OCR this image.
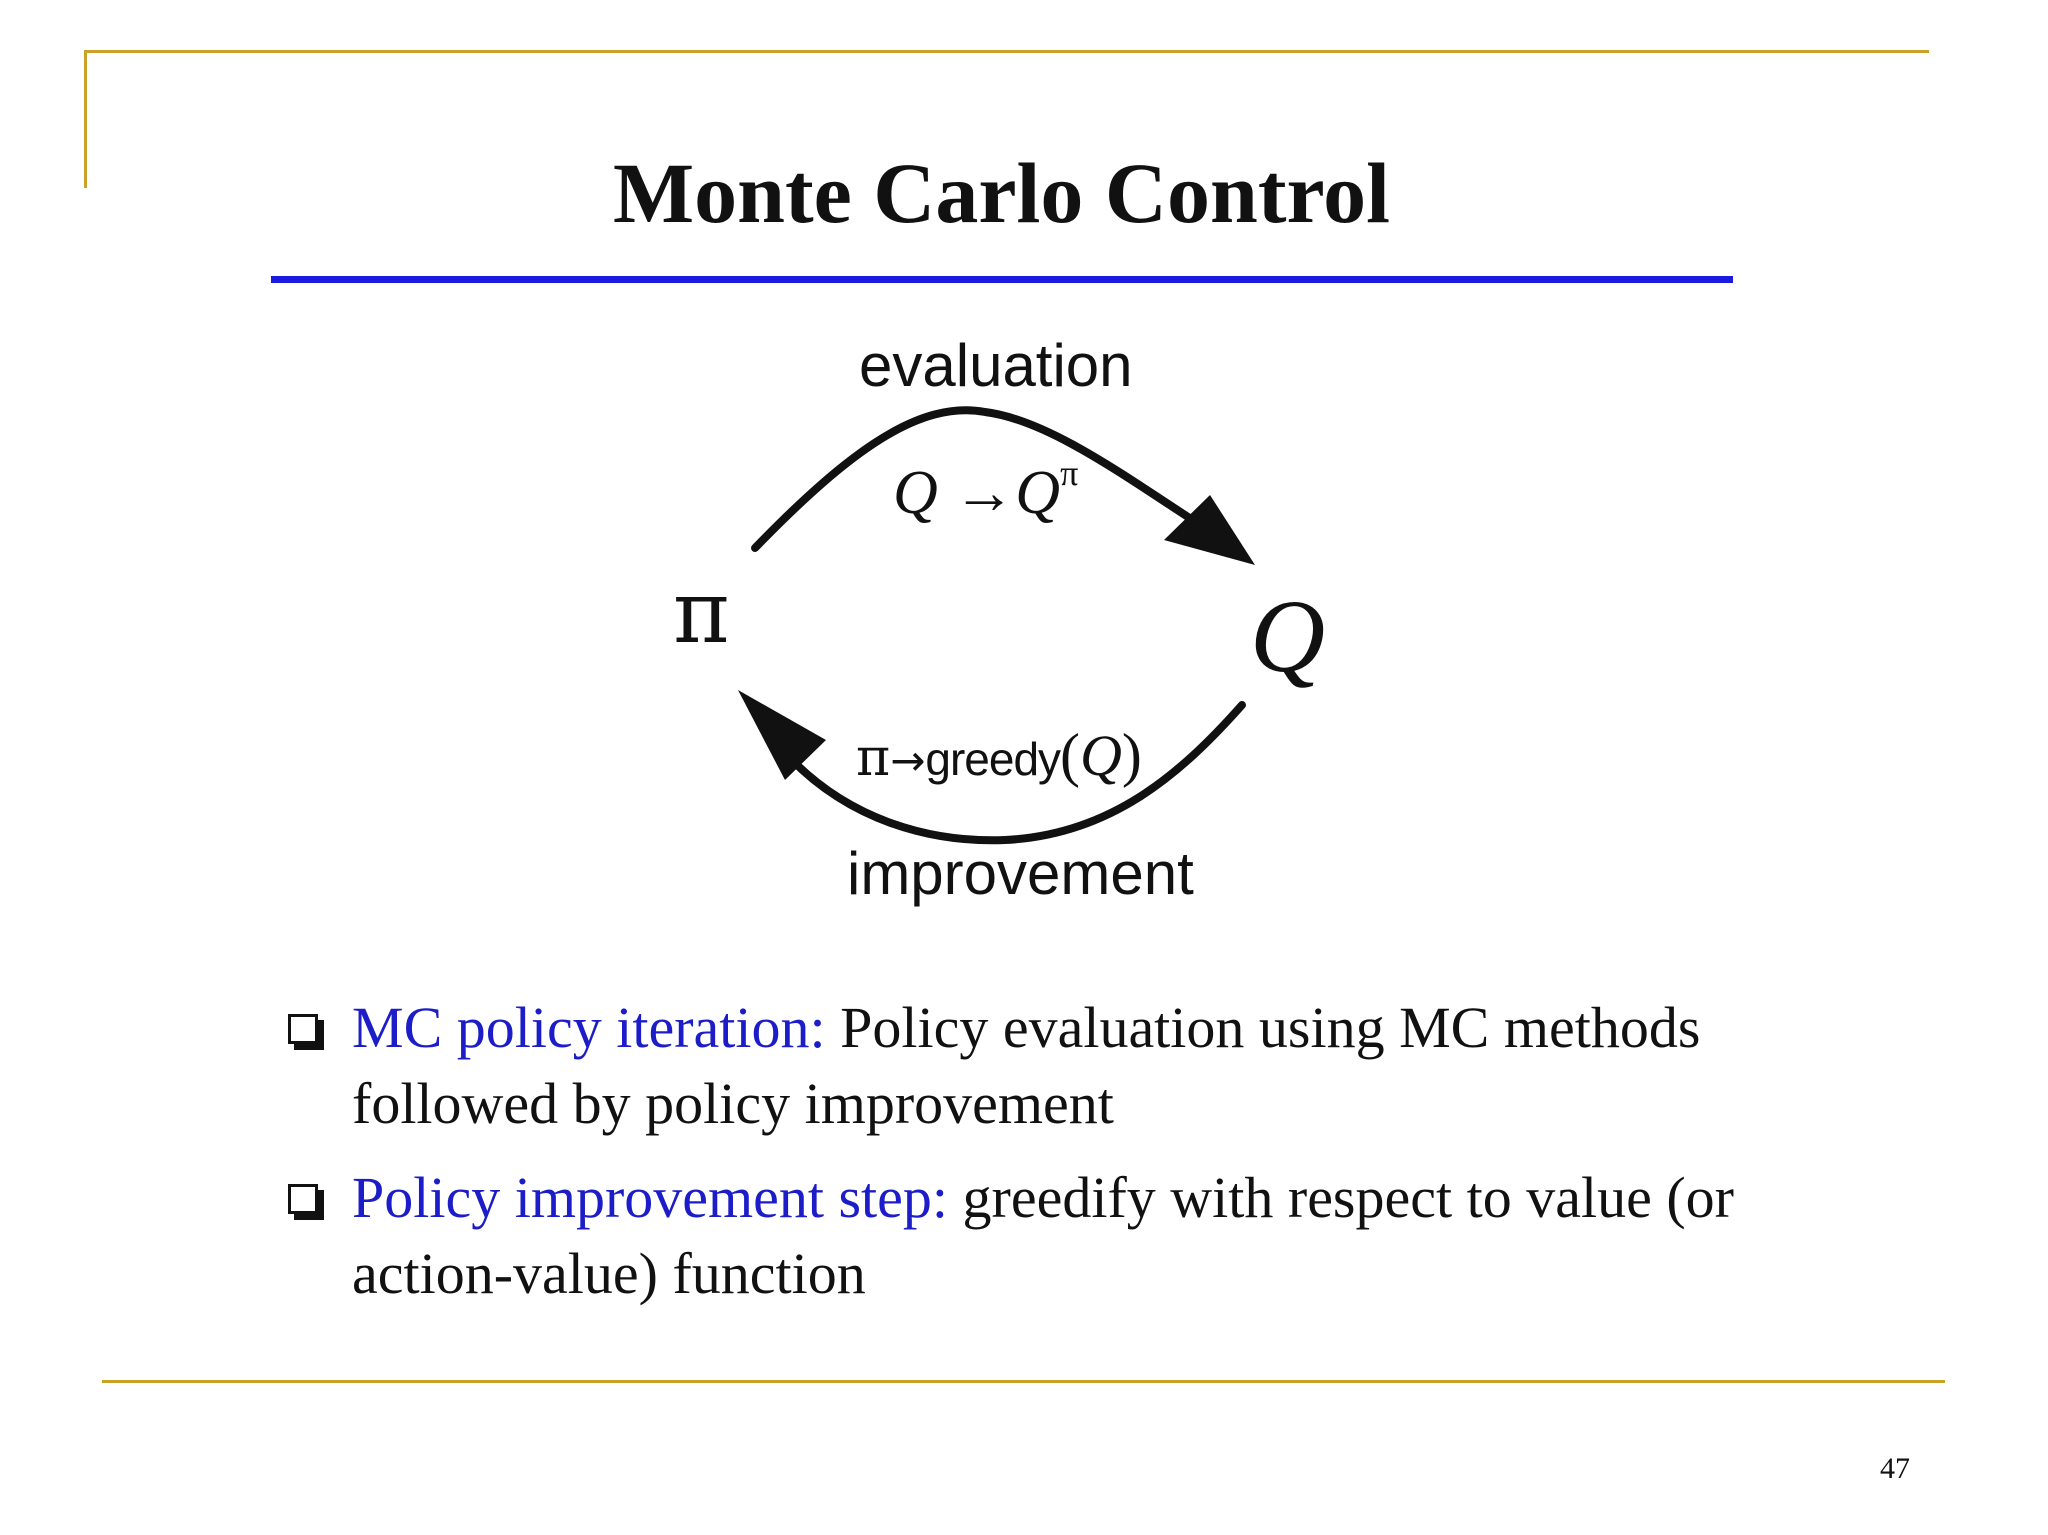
Monte Carlo Control
evaluation
improvement
π	Q
$Q \to Q^\pi$
π→greedy(Q)
MC policy iteration: Policy evaluation using MC methods followed by policy improvement
Policy improvement step: greedify with respect to value (or action-value) function
47
